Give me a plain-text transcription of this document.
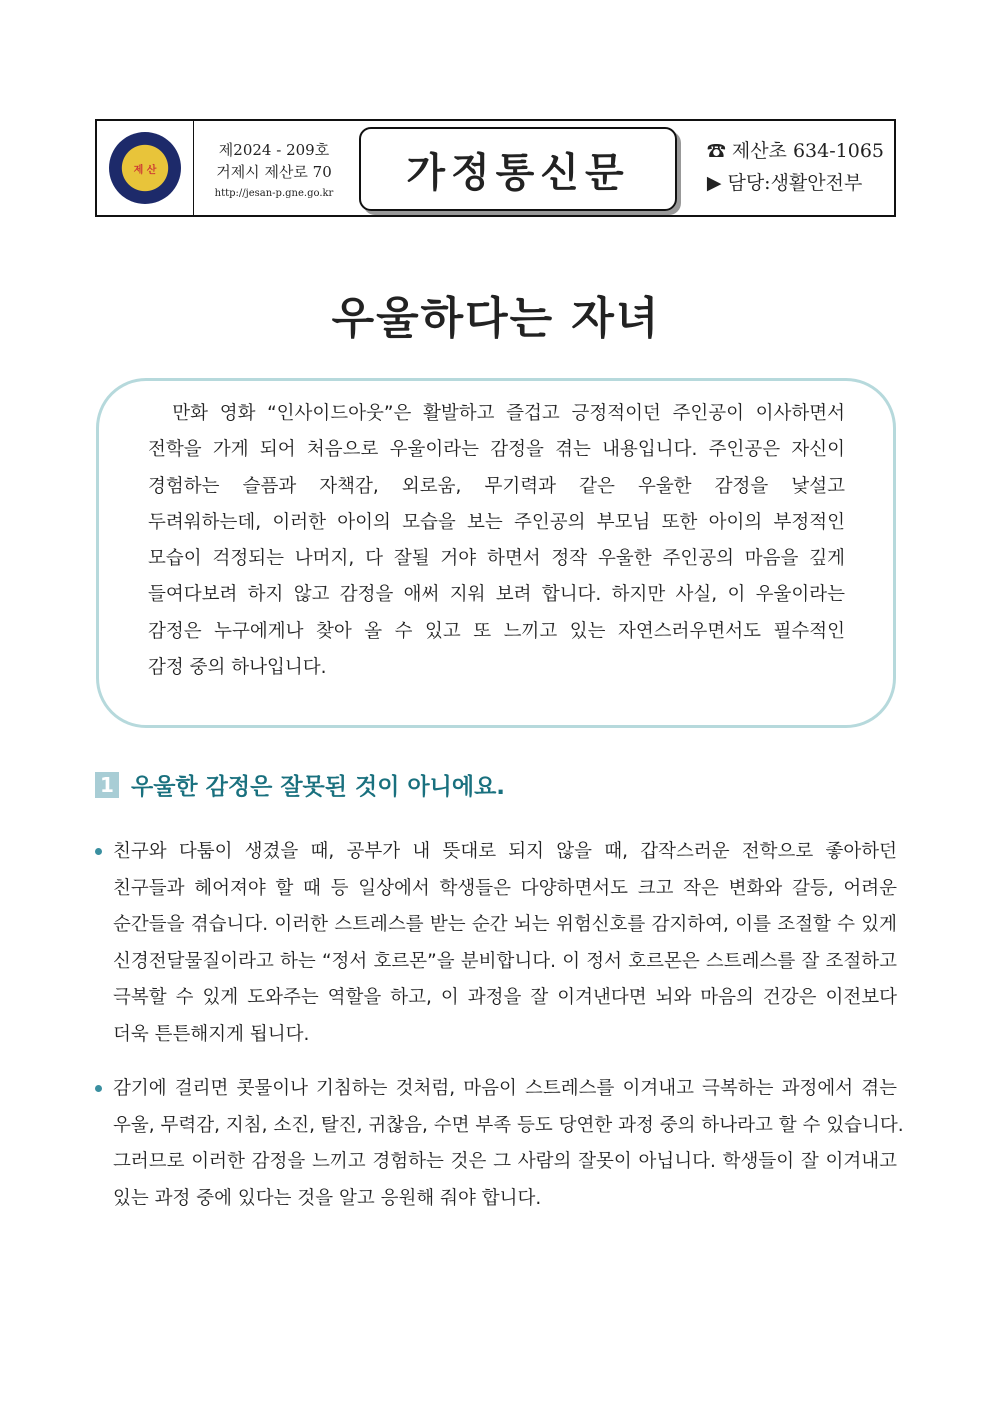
제 산
제2024 - 209호
거제시 제산로 70
http://jesan-p.gne.go.kr	가정통신문	☎ 제산초 634-1065
▶ 담당:생활안전부
우울하다는 자녀
　만화 영화 “인사이드아웃”은 활발하고 즐겁고 긍정적이던 주인공이 이사하면서
전학을 가게 되어 처음으로 우울이라는 감정을 겪는 내용입니다. 주인공은 자신이
경험하는 슬픔과 자책감, 외로움, 무기력과 같은 우울한 감정을 낯설고
두려워하는데, 이러한 아이의 모습을 보는 주인공의 부모님 또한 아이의 부정적인
모습이 걱정되는 나머지, 다 잘될 거야 하면서 정작 우울한 주인공의 마음을 깊게
들여다보려 하지 않고 감정을 애써 지워 보려 합니다. 하지만 사실, 이 우울이라는
감정은 누구에게나 찾아 올 수 있고 또 느끼고 있는 자연스러우면서도 필수적인
감정 중의 하나입니다.
1 우울한 감정은 잘못된 것이 아니에요.
친구와 다툼이 생겼을 때, 공부가 내 뜻대로 되지 않을 때, 갑작스러운 전학으로 좋아하던
친구들과 헤어져야 할 때 등 일상에서 학생들은 다양하면서도 크고 작은 변화와 갈등, 어려운
순간들을 겪습니다. 이러한 스트레스를 받는 순간 뇌는 위험신호를 감지하여, 이를 조절할 수 있게
신경전달물질이라고 하는 “정서 호르몬”을 분비합니다. 이 정서 호르몬은 스트레스를 잘 조절하고
극복할 수 있게 도와주는 역할을 하고, 이 과정을 잘 이겨낸다면 뇌와 마음의 건강은 이전보다
더욱 튼튼해지게 됩니다.
감기에 걸리면 콧물이나 기침하는 것처럼, 마음이 스트레스를 이겨내고 극복하는 과정에서 겪는
우울, 무력감, 지침, 소진, 탈진, 귀찮음, 수면 부족 등도 당연한 과정 중의 하나라고 할 수 있습니다.
그러므로 이러한 감정을 느끼고 경험하는 것은 그 사람의 잘못이 아닙니다. 학생들이 잘 이겨내고
있는 과정 중에 있다는 것을 알고 응원해 줘야 합니다.
